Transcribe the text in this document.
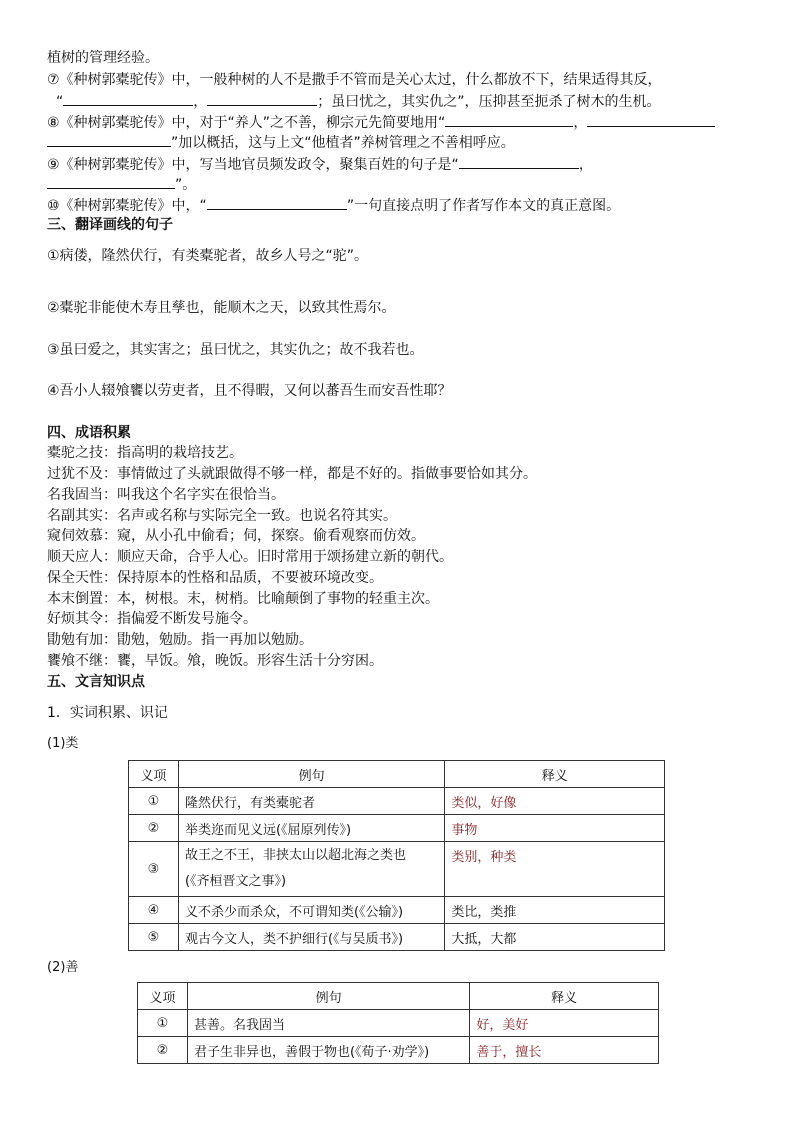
植树的管理经验。
⑦《种树郭橐驼传》中，一般种树的人不是撒手不管而是关心太过，什么都放不下，结果适得其反，
“	，	；虽曰忧之，其实仇之”，压抑甚至扼杀了树木的生机。
⑧《种树郭橐驼传》中，对于“养人”之不善，柳宗元先简要地用“	，
”加以概括，这与上文“他植者”养树管理之不善相呼应。
⑨《种树郭橐驼传》中，写当地官员频发政令，聚集百姓的句子是“	，
”。
⑩《种树郭橐驼传》中，“	”一句直接点明了作者写作本文的真正意图。
三、翻译画线的句子
①病偻，隆然伏行，有类橐驼者，故乡人号之“驼”。
②橐驼非能使木寿且孳也，能顺木之天，以致其性焉尔。
③虽曰爱之，其实害之；虽曰忧之，其实仇之；故不我若也。
④吾小人辍飧饔以劳吏者，且不得暇，又何以蕃吾生而安吾性耶？
四、成语积累
橐驼之技：指高明的栽培技艺。
过犹不及：事情做过了头就跟做得不够一样，都是不好的。指做事要恰如其分。
名我固当：叫我这个名字实在很恰当。
名副其实：名声或名称与实际完全一致。也说名符其实。
窥伺效慕：窥，从小孔中偷看；伺，探察。偷看观察而仿效。
顺天应人：顺应天命，合乎人心。旧时常用于颂扬建立新的朝代。
保全天性：保持原本的性格和品质，不要被环境改变。
本末倒置：本，树根。末，树梢。比喻颠倒了事物的轻重主次。
好烦其令：指偏爱不断发号施令。
勖勉有加：勖勉，勉励。指一再加以勉励。
饔飧不继：饔，早饭。飧，晚饭。形容生活十分穷困。
五、文言知识点
1．实词积累、识记
(1)类
义项	例句	释义
①	隆然伏行，有类橐驼者	类似，好像
②	举类迩而见义远(《屈原列传》)	事物
③	故王之不王，非挟太山以超北海之类也
(《齐桓晋文之事》)	类别，种类
④	义不杀少而杀众，不可谓知类(《公输》)	类比，类推
⑤	观古今文人，类不护细行(《与吴质书》)	大抵，大都
(2)善
义项	例句	释义
①	甚善。名我固当	好，美好
②	君子生非异也，善假于物也(《荀子·劝学》)	善于，擅长
